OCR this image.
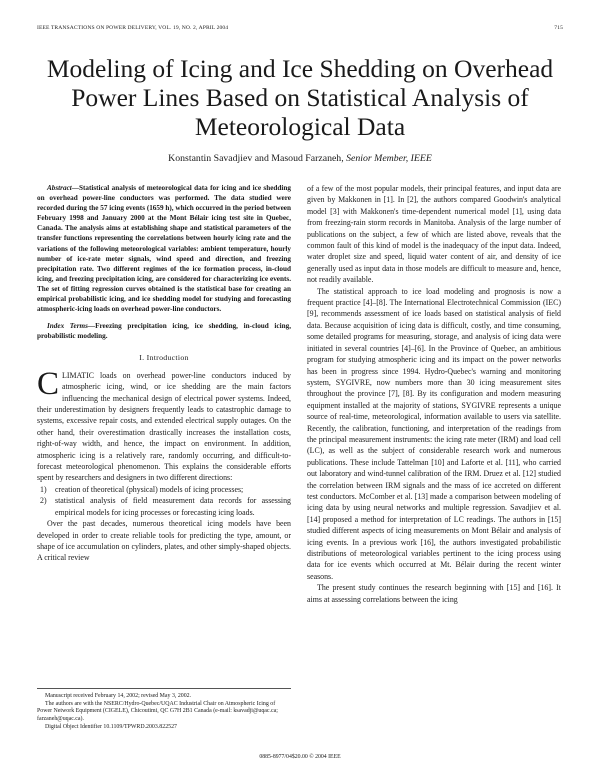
IEEE TRANSACTIONS ON POWER DELIVERY, VOL. 19, NO. 2, APRIL 2004	715
Modeling of Icing and Ice Shedding on Overhead Power Lines Based on Statistical Analysis of Meteorological Data
Konstantin Savadjiev and Masoud Farzaneh, Senior Member, IEEE

Abstract—Statistical analysis of meteorological data for icing and ice shedding on overhead power-line conductors was performed. The data studied were recorded during the 57 icing events (1659 h), which occurred in the period between February 1998 and January 2000 at the Mont Bélair icing test site in Quebec, Canada. The analysis aims at establishing shape and statistical parameters of the transfer functions representing the correlations between hourly icing rate and the variations of the following meteorological variables: ambient temperature, hourly number of ice-rate meter signals, wind speed and direction, and freezing precipitation rate. Two different regimes of the ice formation process, in-cloud icing, and freezing precipitation icing, are considered for characterizing ice events. The set of fitting regression curves obtained is the statistical base for creating an empirical probabilistic icing, and ice shedding model for studying and forecasting atmospheric-icing loads on overhead power-line conductors.

Index Terms—Freezing precipitation icing, ice shedding, in-cloud icing, probabilistic modeling.

I. Introduction

CLIMATIC loads on overhead power-line conductors induced by atmospheric icing, wind, or ice shedding are the main factors influencing the mechanical design of electrical power systems. Indeed, their underestimation by designers frequently leads to catastrophic damage to systems, excessive repair costs, and extended electrical supply outages. On the other hand, their overestimation drastically increases the installation costs, right-of-way width, and hence, the impact on environment. In addition, atmospheric icing is a relatively rare, randomly occurring, and difficult-to-forecast meteorological phenomenon. This explains the considerable efforts spent by researchers and designers in two different directions:

1) creation of theoretical (physical) models of icing processes;
2) statistical analysis of field measurement data records for assessing empirical models for icing processes or forecasting icing loads.

Over the past decades, numerous theoretical icing models have been developed in order to create reliable tools for predicting the type, amount, or shape of ice accumulation on cylinders, plates, and other simply-shaped objects. A critical review

Manuscript received February 14, 2002; revised May 3, 2002.

The authors are with the NSERC/Hydro-Quebec/UQAC Industrial Chair on Atmospheric Icing of Power Network Equipment (CIGELE), Chicoutimi, QC G7H 2B1 Canada (e-mail: ksavadji@uqac.ca; farzaneh@uqac.ca).

Digital Object Identifier 10.1109/TPWRD.2003.822527

of a few of the most popular models, their principal features, and input data are given by Makkonen in [1]. In [2], the authors compared Goodwin's analytical model [3] with Makkonen's time-dependent numerical model [1], using data from freezing-rain storm records in Manitoba. Analysis of the large number of publications on the subject, a few of which are listed above, reveals that the common fault of this kind of model is the inadequacy of the input data. Indeed, water droplet size and speed, liquid water content of air, and density of ice generally used as input data in those models are difficult to measure and, hence, not readily available.

The statistical approach to ice load modeling and prognosis is now a frequent practice [4]–[8]. The International Electrotechnical Commission (IEC) [9], recommends assessment of ice loads based on statistical analysis of field data. Because acquisition of icing data is difficult, costly, and time consuming, some detailed programs for measuring, storage, and analysis of icing data were initiated in several countries [4]–[6]. In the Province of Quebec, an ambitious program for studying atmospheric icing and its impact on the power networks has been in progress since 1994. Hydro-Quebec's warning and monitoring system, SYGIVRE, now numbers more than 30 icing measurement sites throughout the province [7], [8]. By its configuration and modern measuring equipment installed at the majority of stations, SYGIVRE represents a unique source of real-time, meteorological, information available to users via satellite. Recently, the calibration, functioning, and interpretation of the readings from the principal measurement instruments: the icing rate meter (IRM) and load cell (LC), as well as the subject of considerable research work and numerous publications. These include Tattelman [10] and Laforte et al. [11], who carried out laboratory and wind-tunnel calibration of the IRM. Druez et al. [12] studied the correlation between IRM signals and the mass of ice accreted on different test conductors. McComber et al. [13] made a comparison between modeling of icing data by using neural networks and multiple regression. Savadjiev et al. [14] proposed a method for interpretation of LC readings. The authors in [15] studied different aspects of icing measurements on Mont Bélair and analysis of icing events. In a previous work [16], the authors investigated probabilistic distributions of meteorological variables pertinent to the icing process using data for ice events which occurred at Mt. Bélair during the recent winter seasons.

The present study continues the research beginning with [15] and [16]. It aims at assessing correlations between the icing

0885-8977/04$20.00 © 2004 IEEE
